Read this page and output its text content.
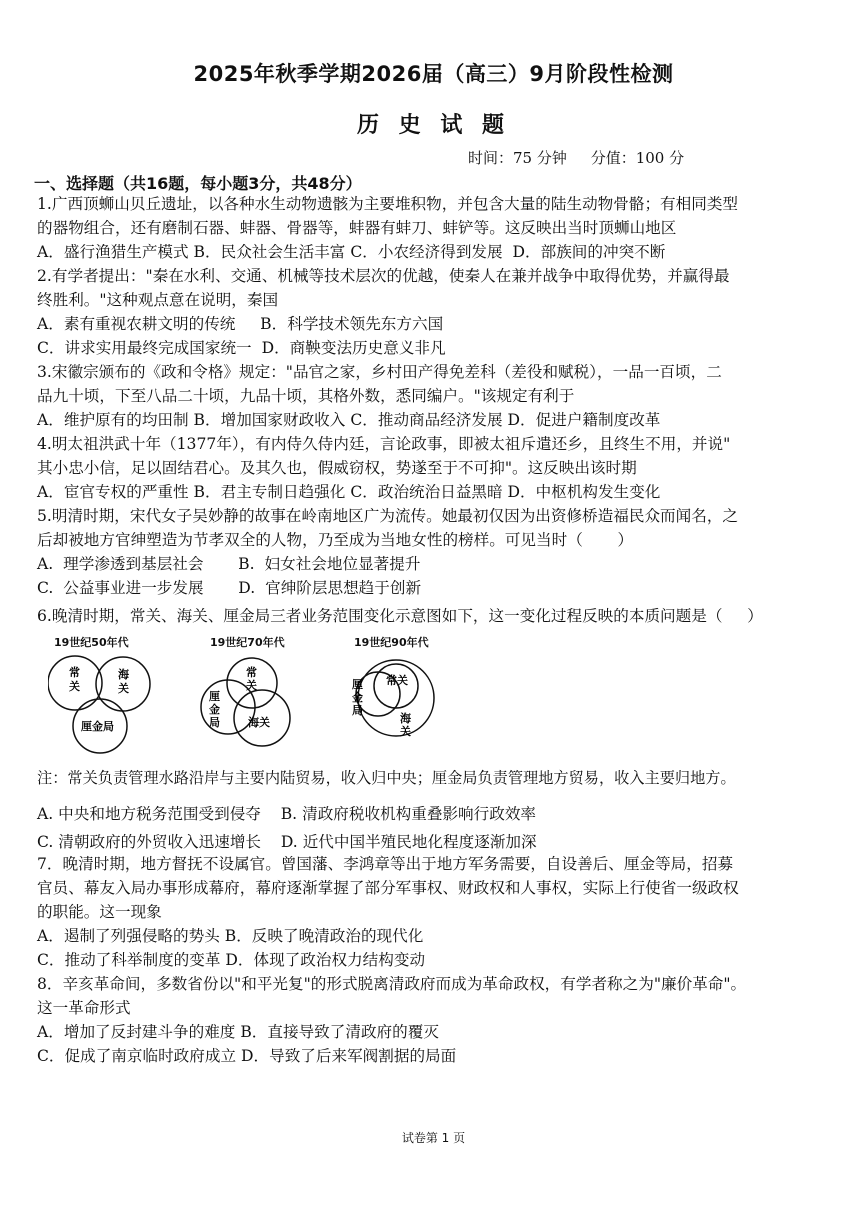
2025年秋季学期2026届（高三）9月阶段性检测
历 史 试 题
时间：75 分钟     分值：100 分
一、选择题（共16题，每小题3分，共48分）
1.广西顶蛳山贝丘遗址，以各种水生动物遗骸为主要堆积物，并包含大量的陆生动物骨骼；有相同类型
的器物组合，还有磨制石器、蚌器、骨器等，蚌器有蚌刀、蚌铲等。这反映出当时顶蛳山地区
A．盛行渔猎生产模式 B．民众社会生活丰富 C．小农经济得到发展  D．部族间的冲突不断
2.有学者提出："秦在水利、交通、机械等技术层次的优越，使秦人在兼并战争中取得优势，并赢得最
终胜利。"这种观点意在说明，秦国
A．素有重视农耕文明的传统     B．科学技术领先东方六国
C．讲求实用最终完成国家统一  D．商鞅变法历史意义非凡
3.宋徽宗颁布的《政和令格》规定："品官之家，乡村田产得免差科（差役和赋税），一品一百顷，二
品九十顷，下至八品二十顷，九品十顷，其格外数，悉同编户。"该规定有利于
A．维护原有的均田制 B．增加国家财政收入 C．推动商品经济发展 D．促进户籍制度改革
4.明太祖洪武十年（1377年），有内侍久侍内廷，言论政事，即被太祖斥遣还乡，且终生不用，并说"
其小忠小信，足以固结君心。及其久也，假威窃权，势遂至于不可抑"。这反映出该时期
A．宦官专权的严重性 B．君主专制日趋强化 C．政治统治日益黑暗 D．中枢机构发生变化
5.明清时期，宋代女子吴妙静的故事在岭南地区广为流传。她最初仅因为出资修桥造福民众而闻名，之
后却被地方官绅塑造为节孝双全的人物，乃至成为当地女性的榜样。可见当时（       ）
A.  理学渗透到基层社会       B.  妇女社会地位显著提升
C.  公益事业进一步发展       D.  官绅阶层思想趋于创新
6.晚清时期，常关、海关、厘金局三者业务范围变化示意图如下，这一变化过程反映的本质问题是（     ）
19世纪50年代
常
关
海
关
厘金局
19世纪70年代
常
关
厘
金
局	海关
19世纪90年代
常关
厘
金
局
海
关
注：常关负责管理水路沿岸与主要内陆贸易，收入归中央；厘金局负责管理地方贸易，收入主要归地方。
A. 中央和地方税务范围受到侵夺    B. 清政府税收机构重叠影响行政效率
C. 清朝政府的外贸收入迅速增长    D. 近代中国半殖民地化程度逐渐加深
7．晚清时期，地方督抚不设属官。曾国藩、李鸿章等出于地方军务需要，自设善后、厘金等局，招募
官员、幕友入局办事形成幕府，幕府逐渐掌握了部分军事权、财政权和人事权，实际上行使省一级政权
的职能。这一现象
A．遏制了列强侵略的势头 B．反映了晚清政治的现代化
C．推动了科举制度的变革 D．体现了政治权力结构变动
8．辛亥革命间，多数省份以"和平光复"的形式脱离清政府而成为革命政权，有学者称之为"廉价革命"。
这一革命形式
A．增加了反封建斗争的难度 B．直接导致了清政府的覆灭
C．促成了南京临时政府成立 D．导致了后来军阀割据的局面
试卷第 1 页
